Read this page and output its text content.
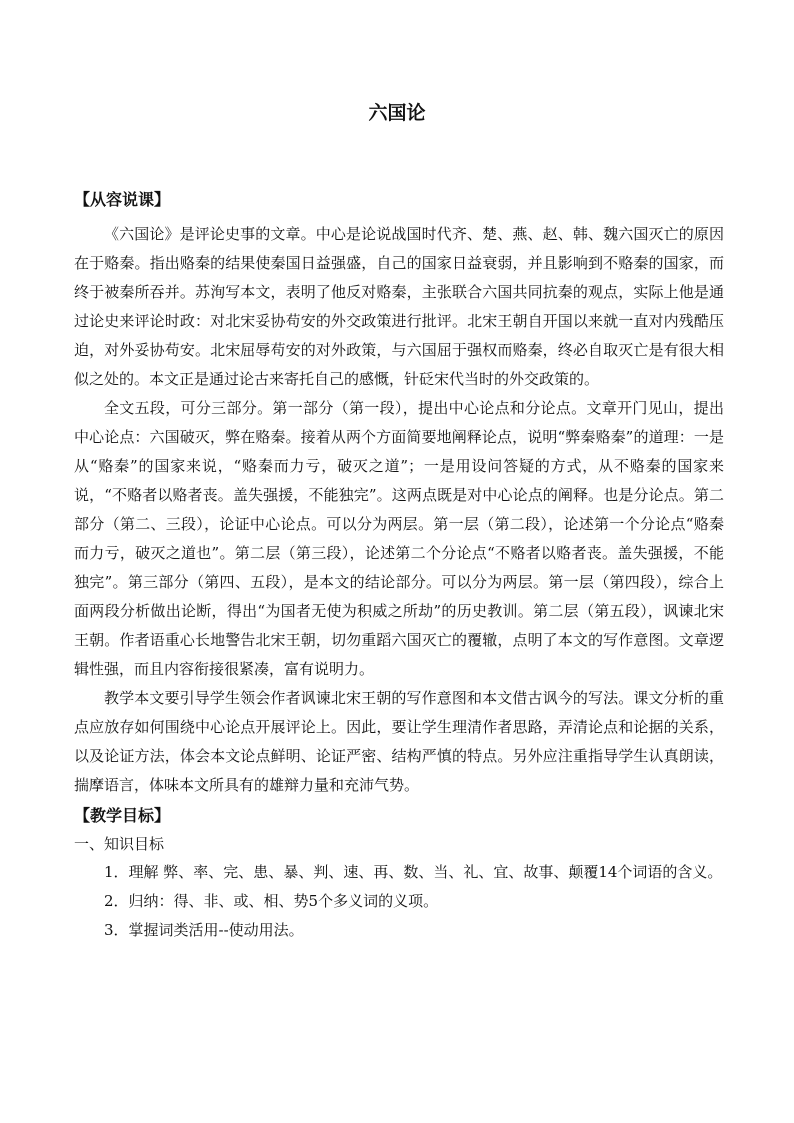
六国论
【从容说课】

《六国论》是评论史事的文章。中心是论说战国时代齐、楚、燕、赵、韩、魏六国灭亡的原因在于赂秦。指出赂秦的结果使秦国日益强盛，自己的国家日益衰弱，并且影响到不赂秦的国家，而终于被秦所吞并。苏洵写本文，表明了他反对赂秦，主张联合六国共同抗秦的观点，实际上他是通过论史来评论时政：对北宋妥协苟安的外交政策进行批评。北宋王朝自开国以来就一直对内残酷压迫，对外妥协苟安。北宋屈辱苟安的对外政策，与六国屈于强权而赂秦，终必自取灭亡是有很大相似之处的。本文正是通过论古来寄托自己的感慨，针砭宋代当时的外交政策的。

全文五段，可分三部分。第一部分（第一段），提出中心论点和分论点。文章开门见山，提出中心论点：六国破灭，弊在赂秦。接着从两个方面简要地阐释论点，说明“弊秦赂秦”的道理：一是从“赂秦”的国家来说，“赂秦而力亏，破灭之道”；一是用设问答疑的方式，从不赂秦的国家来说，“不赂者以赂者丧。盖失强援，不能独完”。这两点既是对中心论点的阐释。也是分论点。第二部分（第二、三段），论证中心论点。可以分为两层。第一层（第二段），论述第一个分论点“赂秦而力亏，破灭之道也”。第二层（第三段），论述第二个分论点“不赂者以赂者丧。盖失强援，不能独完”。第三部分（第四、五段），是本文的结论部分。可以分为两层。第一层（第四段），综合上面两段分析做出论断，得出“为国者无使为积威之所劫”的历史教训。第二层（第五段），讽谏北宋王朝。作者语重心长地警告北宋王朝，切勿重蹈六国灭亡的覆辙，点明了本文的写作意图。文章逻辑性强，而且内容衔接很紧凑，富有说明力。

教学本文要引导学生领会作者讽谏北宋王朝的写作意图和本文借古讽今的写法。课文分析的重点应放存如何围绕中心论点开展评论上。因此，要让学生理清作者思路，弄清论点和论据的关系，以及论证方法，体会本文论点鲜明、论证严密、结构严慎的特点。另外应注重指导学生认真朗读，揣摩语言，体味本文所具有的雄辩力量和充沛气势。

【教学目标】
一、知识目标

1．理解 弊、率、完、患、暴、判、速、再、数、当、礼、宜、故事、颠覆14个词语的含义。

2．归纳：得、非、或、相、势5个多义词的义项。

3．掌握词类活用--使动用法。
